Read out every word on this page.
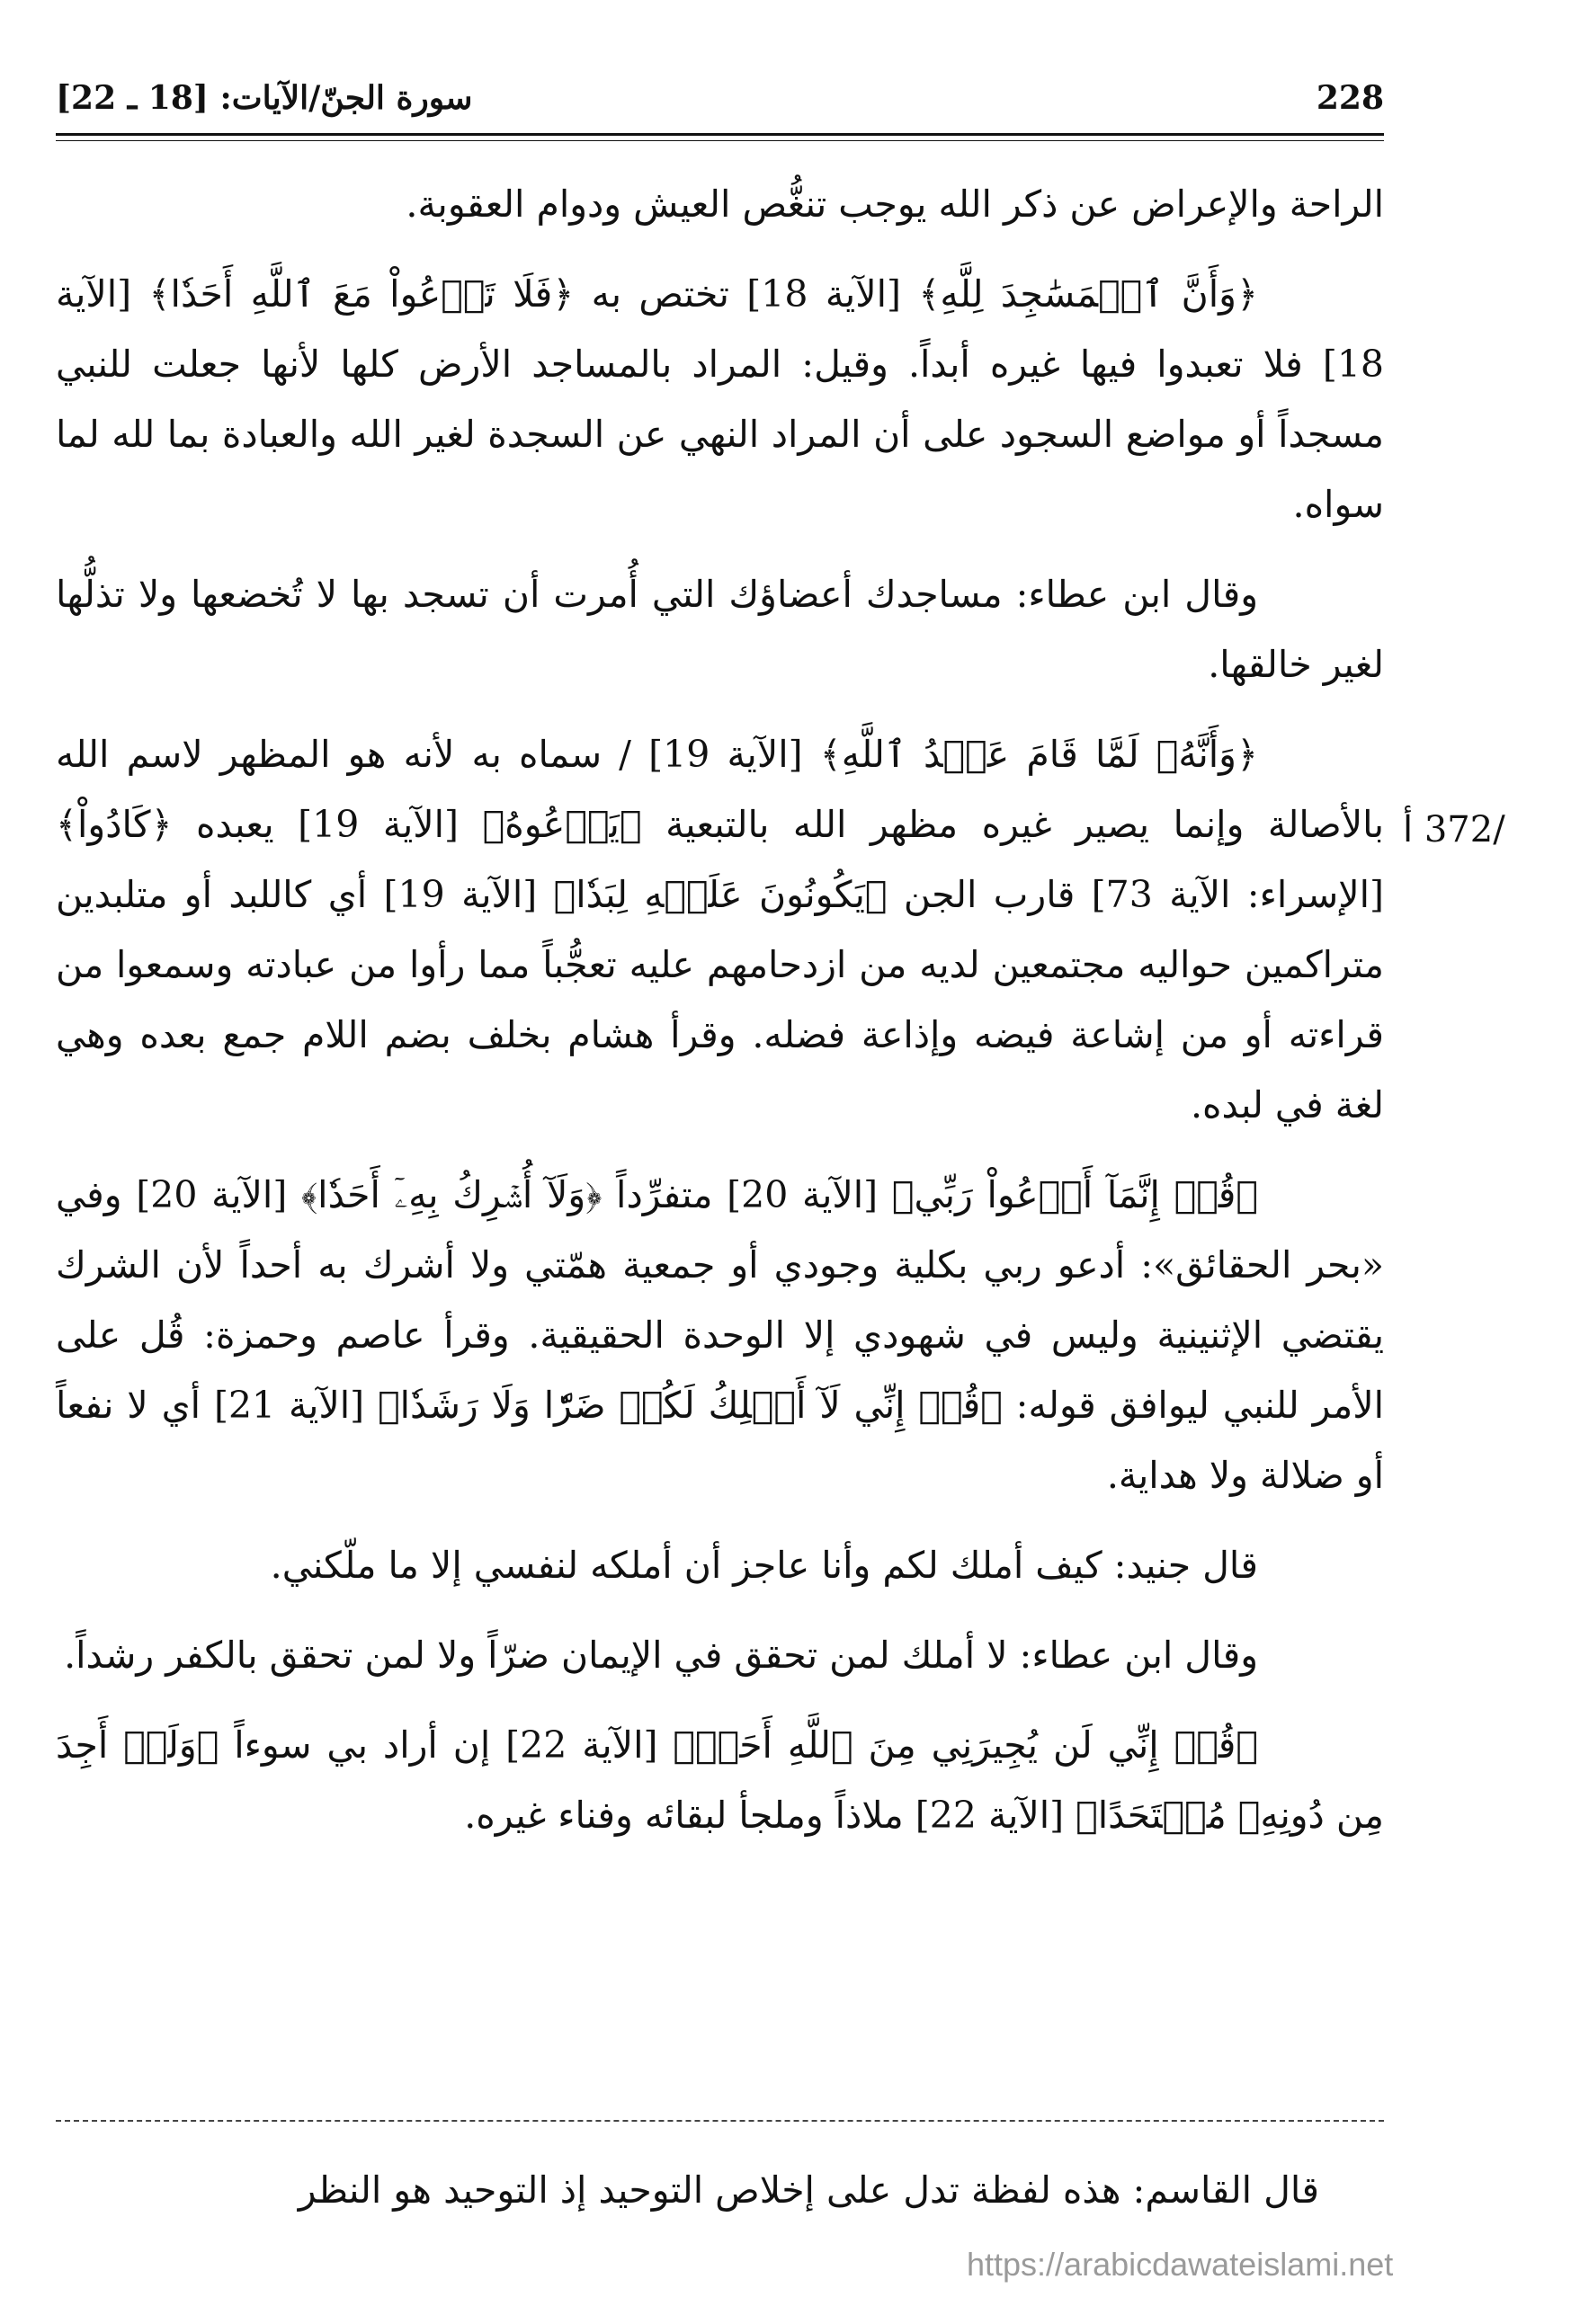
228
سورة الجنّ/الآيات: [18 ـ 22]
/372 أ

الراحة والإعراض عن ذكر الله يوجب تنغُّص العيش ودوام العقوبة.

﴿وَأَنَّ ٱلۡمَسَٰجِدَ لِلَّهِ﴾ [الآية 18] تختص به ﴿فَلَا تَدۡعُواْ مَعَ ٱللَّهِ أَحَدٗا﴾ [الآية 18] فلا تعبدوا فيها غيره أبداً. وقيل: المراد بالمساجد الأرض كلها لأنها جعلت للنبي مسجداً أو مواضع السجود على أن المراد النهي عن السجدة لغير الله والعبادة بما لله لما سواه.

وقال ابن عطاء: مساجدك أعضاؤك التي أُمرت أن تسجد بها لا تُخضعها ولا تذلُّها لغير خالقها.

﴿وَأَنَّهُۥ لَمَّا قَامَ عَبۡدُ ٱللَّهِ﴾ [الآية 19] / سماه به لأنه هو المظهر لاسم الله بالأصالة وإنما يصير غيره مظهر الله بالتبعية ﴿يَدۡعُوهُ﴾ [الآية 19] يعبده ﴿كَادُواْ﴾ [الإسراء: الآية 73] قارب الجن ﴿يَكُونُونَ عَلَيۡهِ لِبَدٗا﴾ [الآية 19] أي كاللبد أو متلبدين متراكمين حواليه مجتمعين لديه من ازدحامهم عليه تعجُّباً مما رأوا من عبادته وسمعوا من قراءته أو من إشاعة فيضه وإذاعة فضله. وقرأ هشام بخلف بضم اللام جمع بعده وهي لغة في لبده.

﴿قُلۡ إِنَّمَآ أَدۡعُواْ رَبِّي﴾ [الآية 20] متفرِّداً ﴿وَلَآ أُشۡرِكُ بِهِۦٓ أَحَدٗا﴾ [الآية 20] وفي «بحر الحقائق»: أدعو ربي بكلية وجودي أو جمعية همّتي ولا أشرك به أحداً لأن الشرك يقتضي الإثنينية وليس في شهودي إلا الوحدة الحقيقية. وقرأ عاصم وحمزة: قُل على الأمر للنبي ليوافق قوله: ﴿قُلۡ إِنِّي لَآ أَمۡلِكُ لَكُمۡ ضَرّٗا وَلَا رَشَدٗا﴾ [الآية 21] أي لا نفعاً أو ضلالة ولا هداية.

قال جنيد: كيف أملك لكم وأنا عاجز أن أملكه لنفسي إلا ما ملّكني.

وقال ابن عطاء: لا أملك لمن تحقق في الإيمان ضرّاً ولا لمن تحقق بالكفر رشداً.

﴿قُلۡ إِنِّي لَن يُجِيرَنِي مِنَ ٱللَّهِ أَحَدٞ﴾ [الآية 22] إن أراد بي سوءاً ﴿وَلَنۡ أَجِدَ مِن دُونِهِۦ مُلۡتَحَدًا﴾ [الآية 22] ملاذاً وملجأ لبقائه وفناء غيره.

قال القاسم: هذه لفظة تدل على إخلاص التوحيد إذ التوحيد هو النظر
https://arabicdawateislami.net
